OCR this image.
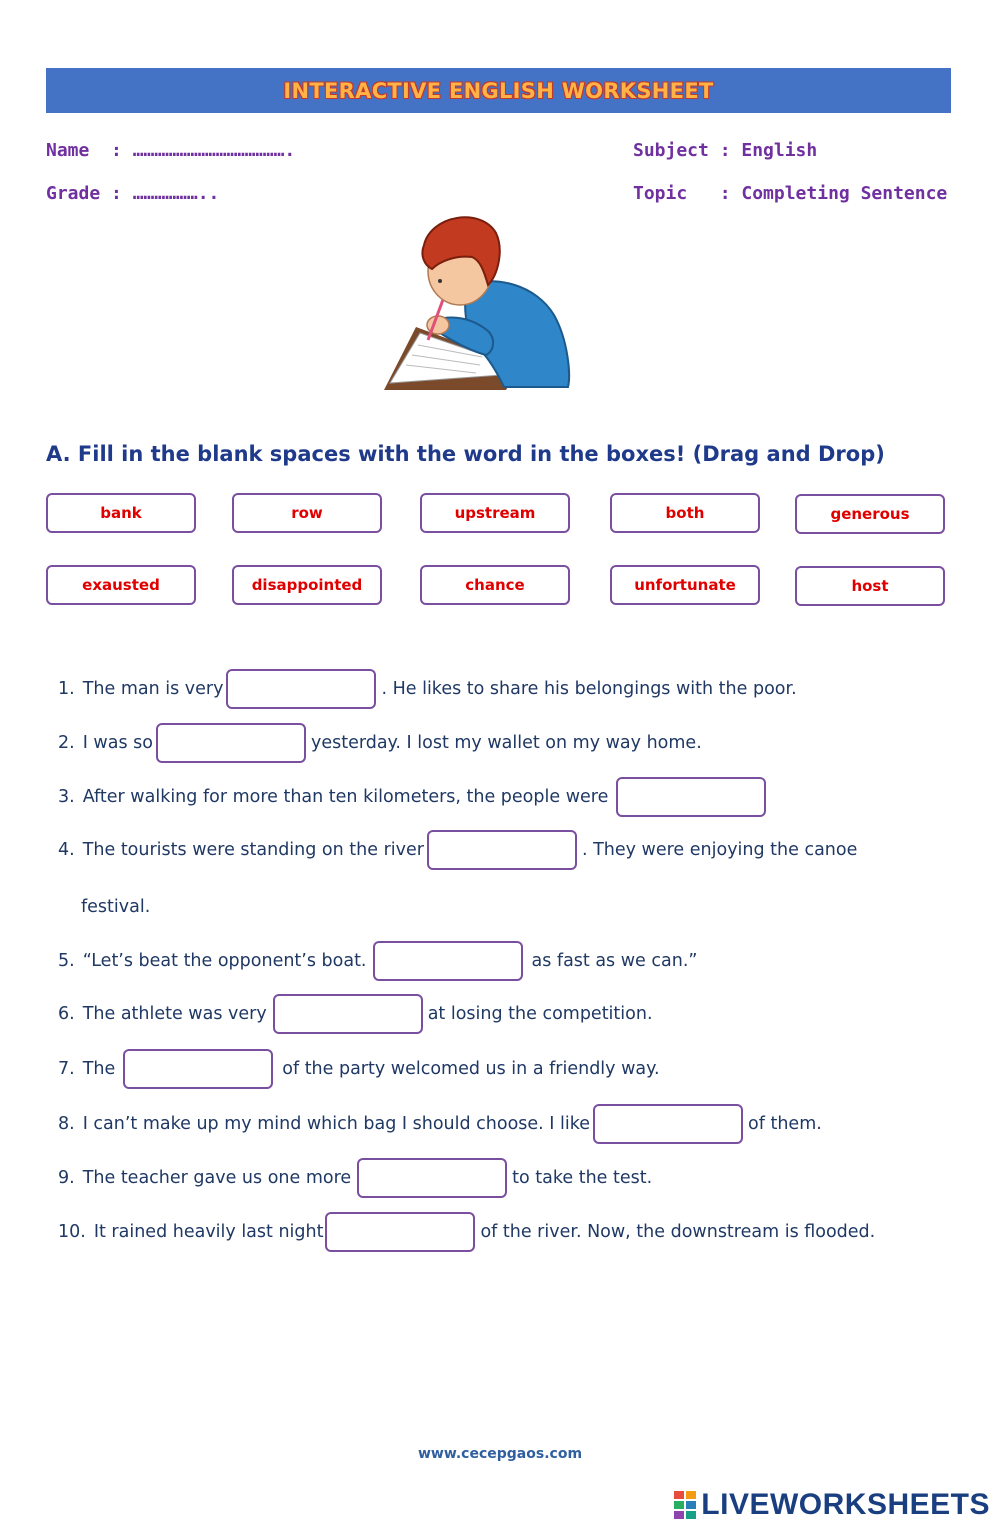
INTERACTIVE ENGLISH WORKSHEET
Name  : …………………………………….
Grade : ………………..
Subject : English
Topic   : Completing Sentence
A. Fill in the blank spaces with the word in the boxes! (Drag and Drop)
bank	row	upstream	both	generous
exausted	disappointed	chance	unfortunate	host
1. The man is very	. He likes to share his belongings with the poor.
2. I was so	yesterday. I lost my wallet on my way home.
3. After walking for more than ten kilometers, the people were
4. The tourists were standing on the river	. They were enjoying the canoe
festival.
5. “Let’s beat the opponent’s boat.	as fast as we can.”
6. The athlete was very	at losing the competition.
7. The	of the party welcomed us in a friendly way.
8. I can’t make up my mind which bag I should choose. I like	of them.
9. The teacher gave us one more	to take the test.
10. It rained heavily last night	of the river. Now, the downstream is flooded.
www.cecepgaos.com
LIVEWORKSHEETS
